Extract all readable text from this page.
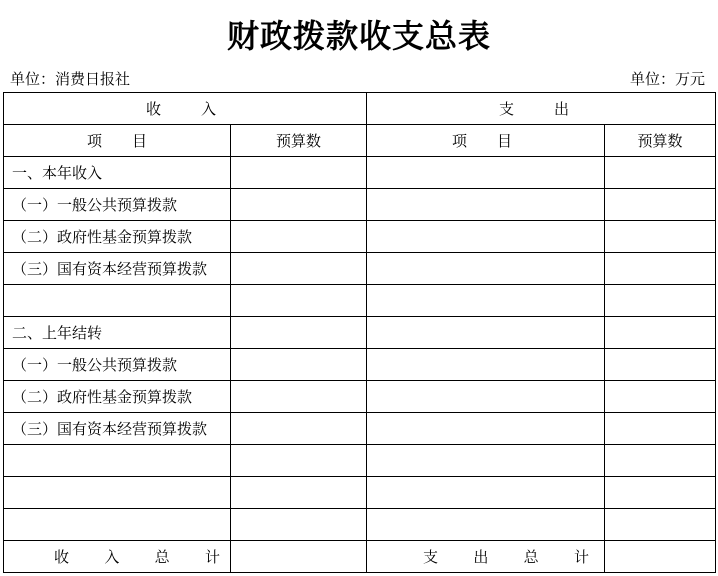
财政拨款收支总表
单位：消费日报社	单位：万元
收 入		支 出	

项 目	预算数	项 目	预算数
一、本年收入			
（一）一般公共预算拨款			
（二）政府性基金预算拨款			
（三）国有资本经营预算拨款			

二、上年结转			
（一）一般公共预算拨款			
（二）政府性基金预算拨款			
（三）国有资本经营预算拨款			

收 入 总 计		支 出 总 计	
